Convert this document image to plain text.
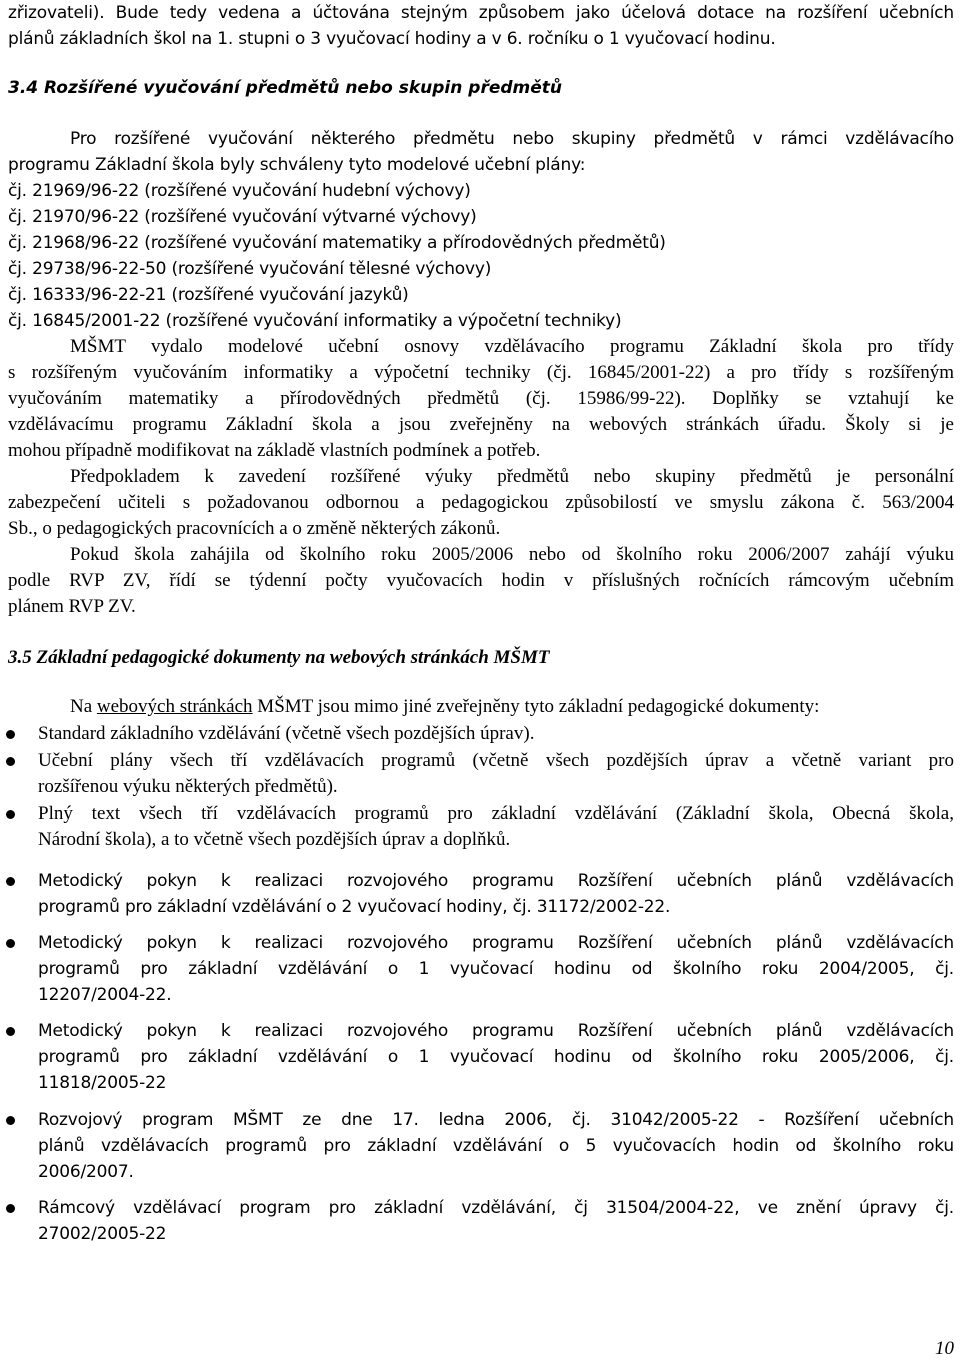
zřizovateli). Bude tedy vedena a účtována stejným způsobem jako účelová dotace na rozšíření učebních
plánů základních škol na 1. stupni o 3 vyučovací hodiny a v 6. ročníku o 1 vyučovací hodinu.
3.4 Rozšířené vyučování předmětů nebo skupin předmětů
Pro rozšířené vyučování některého předmětu nebo skupiny předmětů v rámci vzdělávacího
programu Základní škola byly schváleny tyto modelové učební plány:
čj. 21969/96-22 (rozšířené vyučování hudební výchovy)
čj. 21970/96-22 (rozšířené vyučování výtvarné výchovy)
čj. 21968/96-22 (rozšířené vyučování matematiky a přírodovědných předmětů)
čj. 29738/96-22-50 (rozšířené vyučování tělesné výchovy)
čj. 16333/96-22-21 (rozšířené vyučování jazyků)
čj. 16845/2001-22 (rozšířené vyučování informatiky a výpočetní techniky)
MŠMT vydalo modelové učební osnovy vzdělávacího programu Základní škola pro třídy
s rozšířeným vyučováním informatiky a výpočetní techniky (čj. 16845/2001-22) a pro třídy s rozšířeným
vyučováním matematiky a přírodovědných předmětů (čj. 15986/99-22). Doplňky se vztahují ke
vzdělávacímu programu Základní škola a jsou zveřejněny na webových stránkách úřadu. Školy si je
mohou případně modifikovat na základě vlastních podmínek a potřeb.
Předpokladem k zavedení rozšířené výuky předmětů nebo skupiny předmětů je personální
zabezpečení učiteli s požadovanou odbornou a pedagogickou způsobilostí ve smyslu zákona č. 563/2004
Sb., o pedagogických pracovnících a o změně některých zákonů.
Pokud škola zahájila od školního roku 2005/2006 nebo od školního roku 2006/2007 zahájí výuku
podle RVP ZV, řídí se týdenní počty vyučovacích hodin v příslušných ročnících rámcovým učebním
plánem RVP ZV.
3.5 Základní pedagogické dokumenty na webových stránkách MŠMT
Na webových stránkách MŠMT jsou mimo jiné zveřejněny tyto základní pedagogické dokumenty:
Standard základního vzdělávání (včetně všech pozdějších úprav).
Učební plány všech tří vzdělávacích programů (včetně všech pozdějších úprav a včetně variant pro
rozšířenou výuku některých předmětů).
Plný text všech tří vzdělávacích programů pro základní vzdělávání (Základní škola, Obecná škola,
Národní škola), a to včetně všech pozdějších úprav a doplňků.
Metodický pokyn k realizaci rozvojového programu Rozšíření učebních plánů vzdělávacích
programů pro základní vzdělávání o 2 vyučovací hodiny, čj. 31172/2002-22.
Metodický pokyn k realizaci rozvojového programu Rozšíření učebních plánů vzdělávacích
programů pro základní vzdělávání o 1 vyučovací hodinu od školního roku 2004/2005, čj.
12207/2004-22.
Metodický pokyn k realizaci rozvojového programu Rozšíření učebních plánů vzdělávacích
programů pro základní vzdělávání o 1 vyučovací hodinu od školního roku 2005/2006, čj.
11818/2005-22
Rozvojový program MŠMT ze dne 17. ledna 2006, čj. 31042/2005-22 - Rozšíření učebních
plánů vzdělávacích programů pro základní vzdělávání o 5 vyučovacích hodin od školního roku
2006/2007.
Rámcový vzdělávací program pro základní vzdělávání, čj 31504/2004-22, ve znění úpravy čj.
27002/2005-22
10
